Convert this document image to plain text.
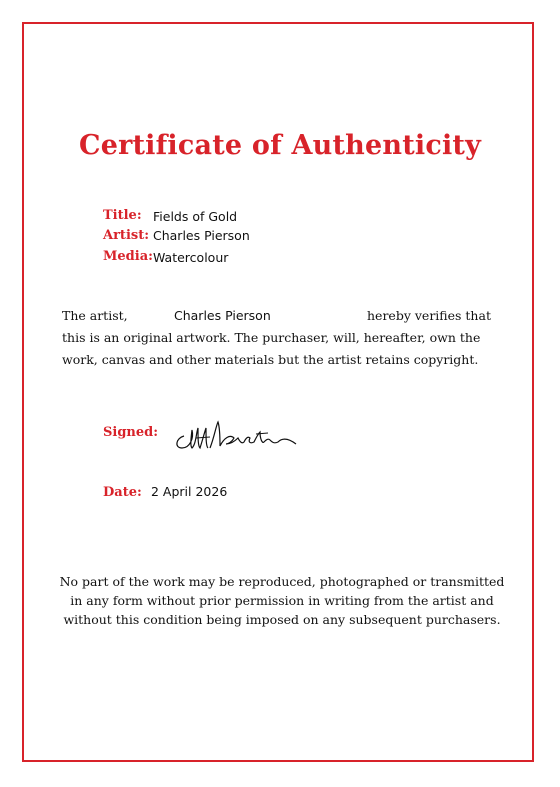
Certificate of Authenticity
Title: Fields of Gold
Artist: Charles Pierson
Media: Watercolour
The artist,	Charles Pierson	hereby verifies that
this is an original artwork. The purchaser, will, hereafter, own the
work, canvas and other materials but the artist retains copyright.
Signed:
Date: 2 April 2026
No part of the work may be reproduced, photographed or transmitted
in any form without prior permission in writing from the artist and
without this condition being imposed on any subsequent purchasers.
